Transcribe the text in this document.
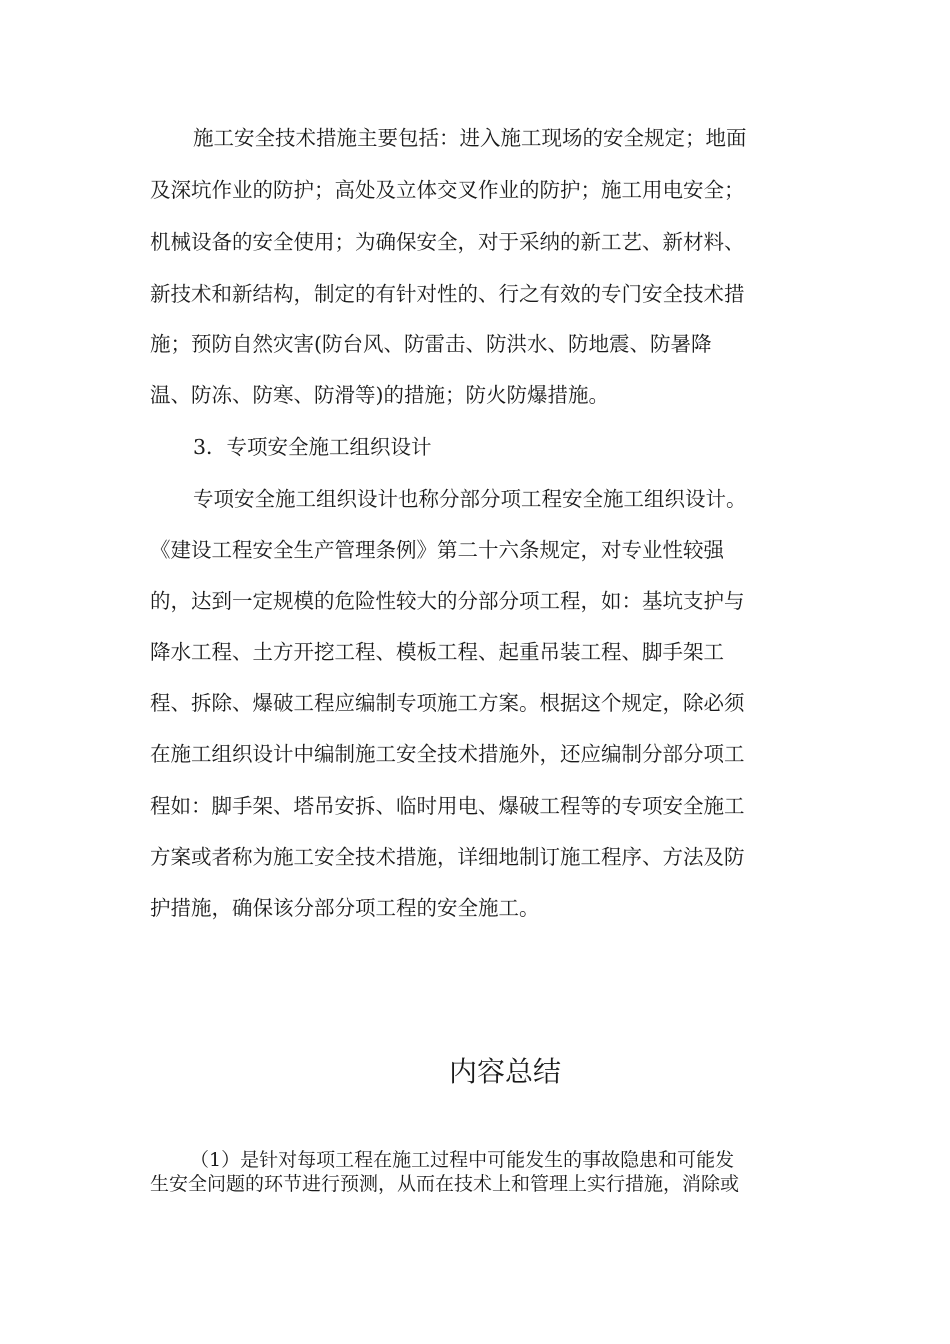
施工安全技术措施主要包括：进入施工现场的安全规定；地面
及深坑作业的防护；高处及立体交叉作业的防护；施工用电安全；
机械设备的安全使用；为确保安全，对于采纳的新工艺、新材料、
新技术和新结构，制定的有针对性的、行之有效的专门安全技术措
施；预防自然灾害(防台风、防雷击、防洪水、防地震、防暑降
温、防冻、防寒、防滑等)的措施；防火防爆措施。
3．专项安全施工组织设计
专项安全施工组织设计也称分部分项工程安全施工组织设计。
《建设工程安全生产管理条例》第二十六条规定，对专业性较强
的，达到一定规模的危险性较大的分部分项工程，如：基坑支护与
降水工程、土方开挖工程、模板工程、起重吊装工程、脚手架工
程、拆除、爆破工程应编制专项施工方案。根据这个规定，除必须
在施工组织设计中编制施工安全技术措施外，还应编制分部分项工
程如：脚手架、塔吊安拆、临时用电、爆破工程等的专项安全施工
方案或者称为施工安全技术措施，详细地制订施工程序、方法及防
护措施，确保该分部分项工程的安全施工。
内容总结
（1）是针对每项工程在施工过程中可能发生的事故隐患和可能发
生安全问题的环节进行预测，从而在技术上和管理上实行措施，消除或
